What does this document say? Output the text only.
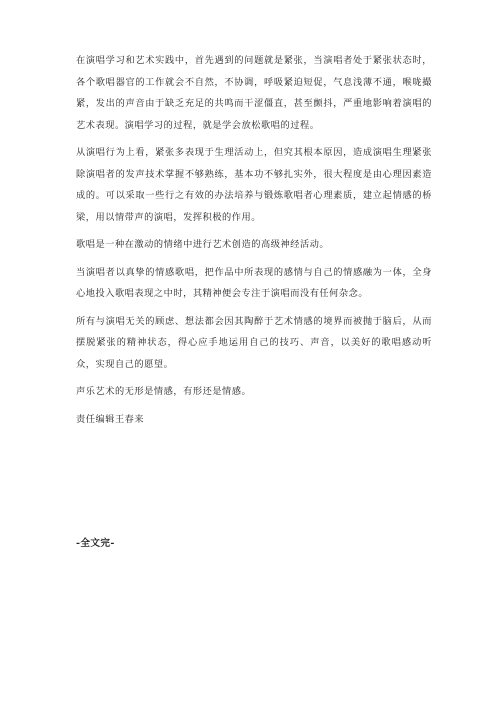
在演唱学习和艺术实践中，首先遇到的问题就是紧张，当演唱者处于紧张状态时，各个歌唱器官的工作就会不自然，不协调，呼吸紧迫短促，气息浅薄不通，喉咙撮紧，发出的声音由于缺乏充足的共鸣而干涩僵直，甚至颤抖，严重地影响着演唱的艺术表现。演唱学习的过程，就是学会放松歌唱的过程。

从演唱行为上看，紧张多表现于生理活动上，但究其根本原因，造成演唱生理紧张除演唱者的发声技术掌握不够熟练，基本功不够扎实外，很大程度是由心理因素造成的。可以采取一些行之有效的办法培养与锻炼歌唱者心理素质，建立起情感的桥梁，用以情带声的演唱，发挥积极的作用。

歌唱是一种在激动的情绪中进行艺术创造的高级神经活动。

当演唱者以真挚的情感歌唱，把作品中所表现的感情与自己的情感融为一体，全身心地投入歌唱表现之中时，其精神便会专注于演唱而没有任何杂念。

所有与演唱无关的顾虑、想法都会因其陶醉于艺术情感的境界而被抛于脑后，从而摆脱紧张的精神状态，得心应手地运用自己的技巧、声音，以美好的歌唱感动听众，实现自己的愿望。

声乐艺术的无形是情感，有形还是情感。

责任编辑王春来

-全文完-
